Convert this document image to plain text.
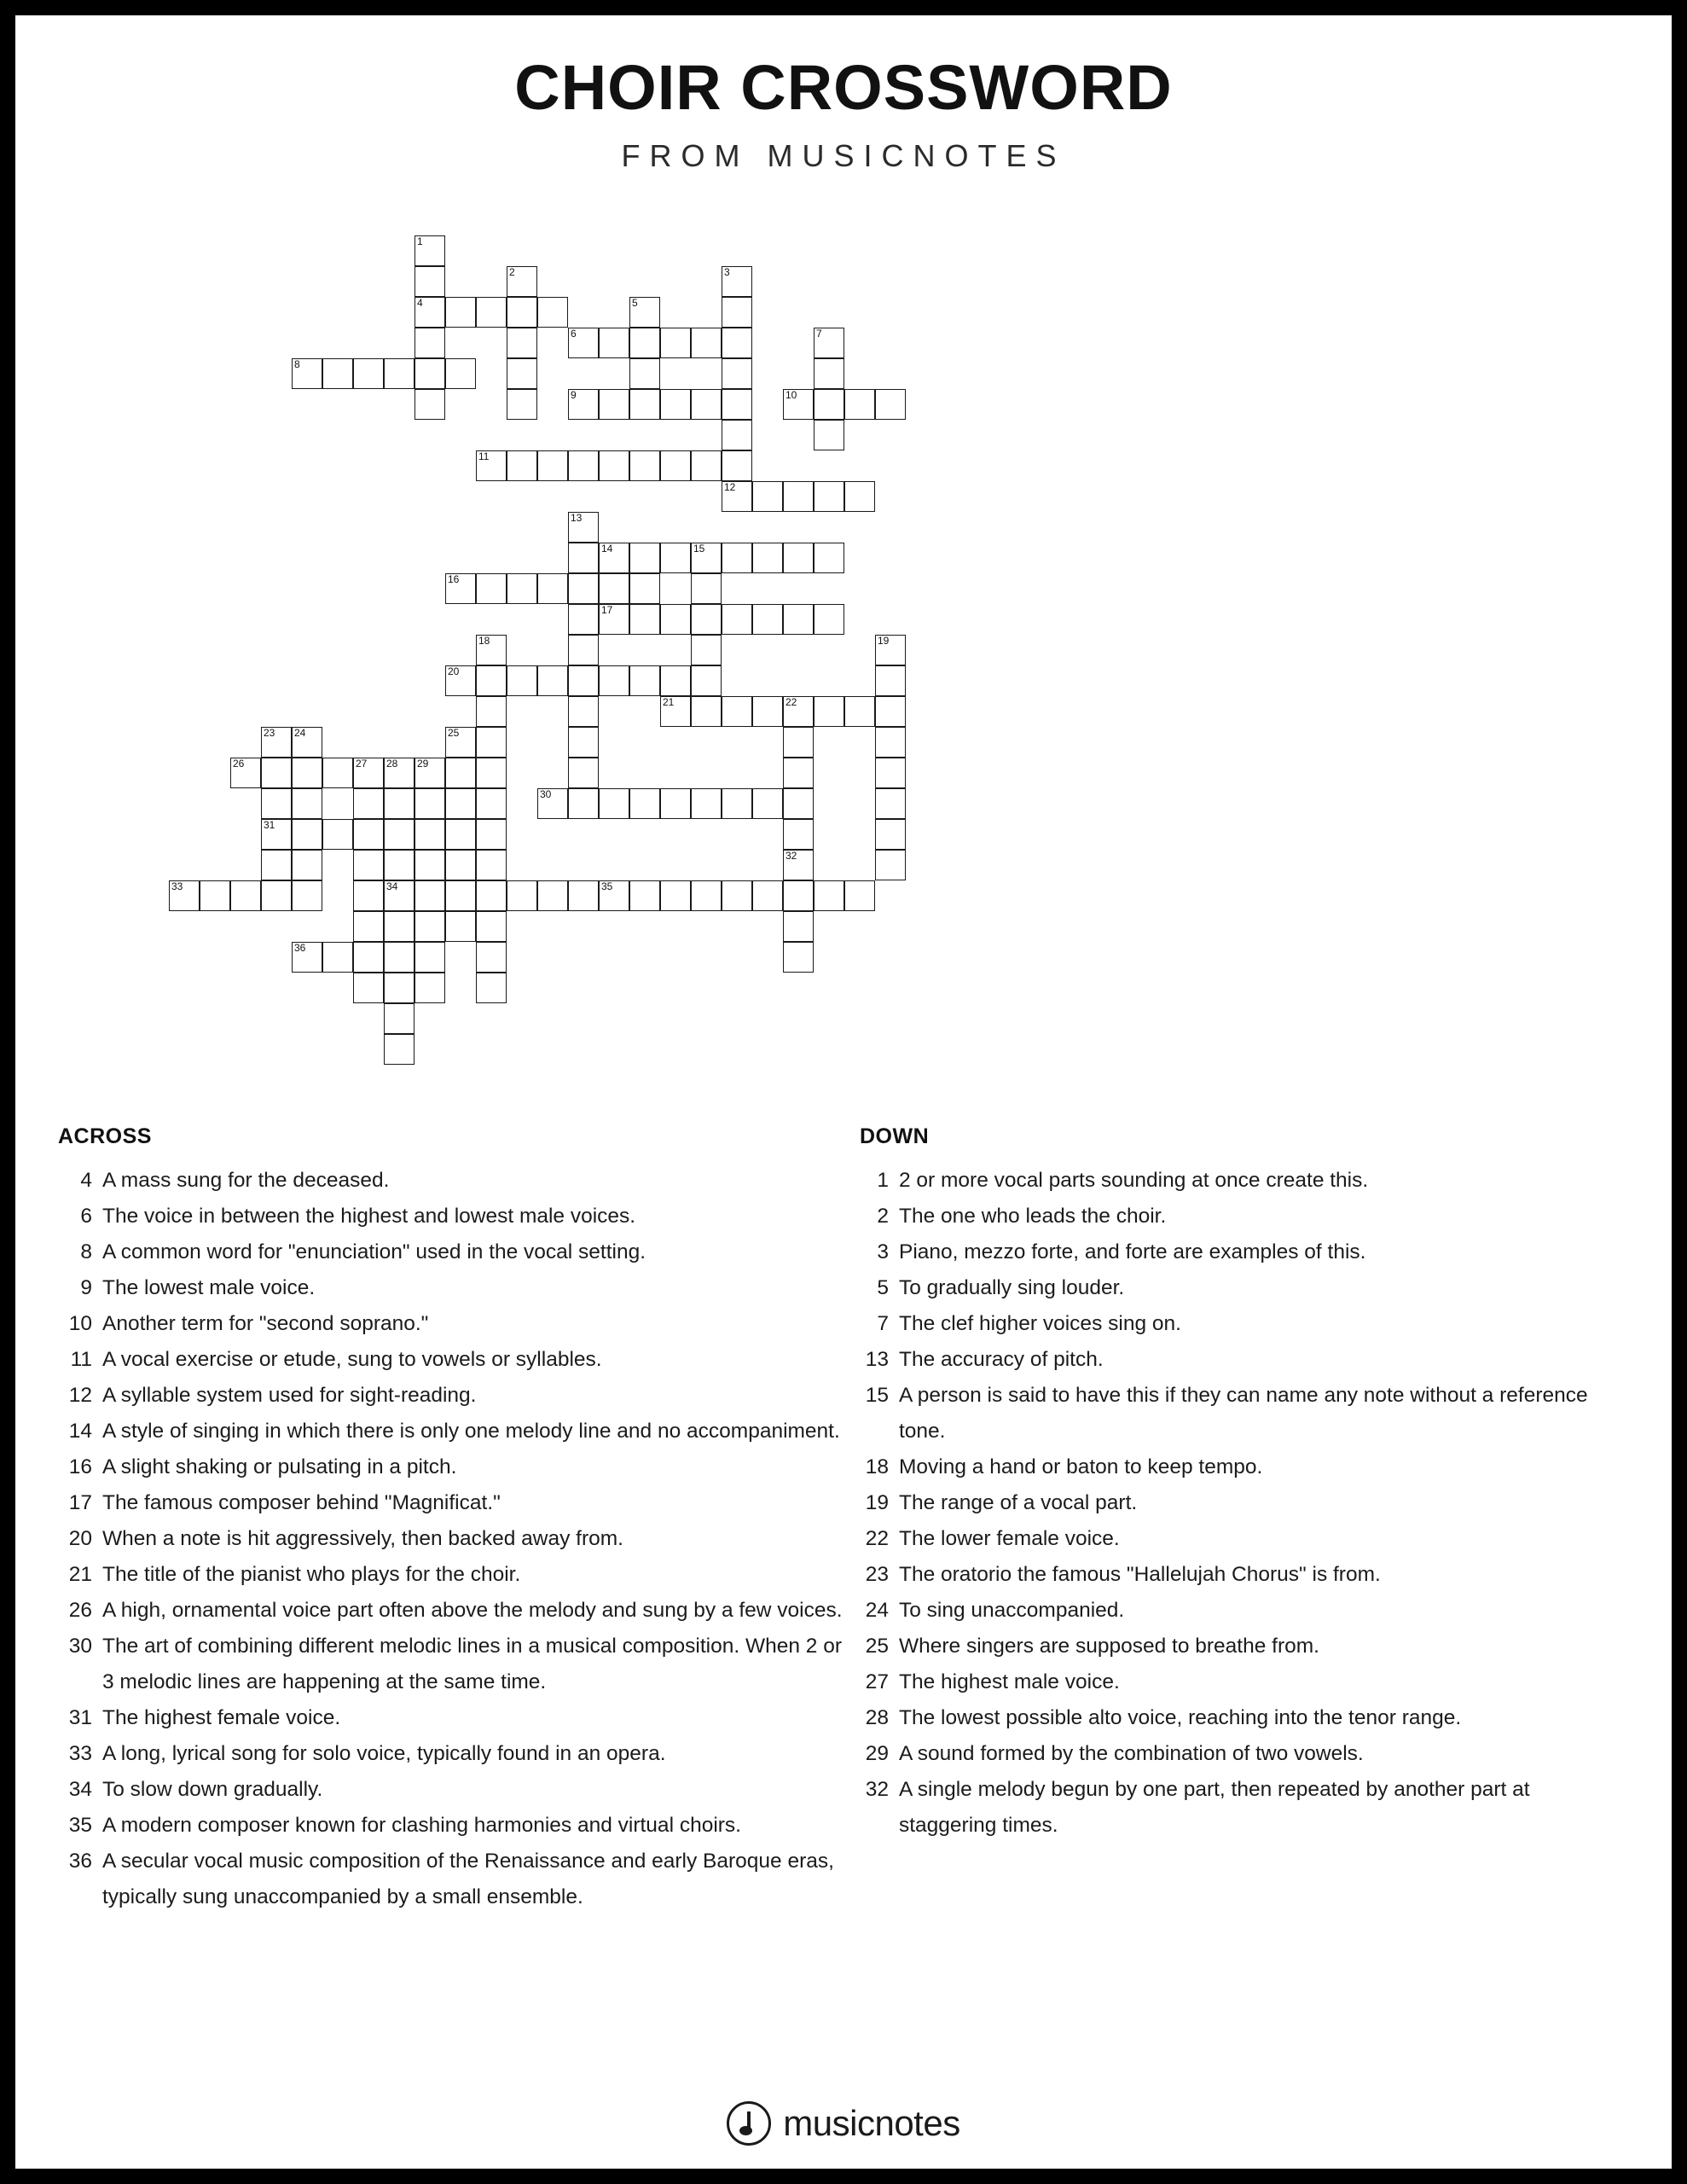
CHOIR CROSSWORD
FROM MUSICNOTES
1
4
2	3
5
6	7
8
9	10
11
12
13
14	15
16
17
18	19
20
21	22
23
31
24	25
26	27 28
34
29
30
32
33	35
36
ACROSS
4 A mass sung for the deceased.
6 The voice in between the highest and lowest male voices.
8 A common word for "enunciation" used in the vocal setting.
9 The lowest male voice.
10 Another term for "second soprano."
11 A vocal exercise or etude, sung to vowels or syllables.
12 A syllable system used for sight-reading.
14 A style of singing in which there is only one melody line and no accompaniment.
16 A slight shaking or pulsating in a pitch.
17 The famous composer behind "Magnificat."
20 When a note is hit aggressively, then backed away from.
21 The title of the pianist who plays for the choir.
26 A high, ornamental voice part often above the melody and sung by a few voices.
30 The art of combining different melodic lines in a musical composition. When 2 or 3 melodic lines are happening at the same time.
31 The highest female voice.
33 A long, lyrical song for solo voice, typically found in an opera.
34 To slow down gradually.
35 A modern composer known for clashing harmonies and virtual choirs.
36 A secular vocal music composition of the Renaissance and early Baroque eras, typically sung unaccompanied by a small ensemble.
DOWN
1 2 or more vocal parts sounding at once create this.
2 The one who leads the choir.
3 Piano, mezzo forte, and forte are examples of this.
5 To gradually sing louder.
7 The clef higher voices sing on.
13 The accuracy of pitch.
15 A person is said to have this if they can name any note without a reference tone.
18 Moving a hand or baton to keep tempo.
19 The range of a vocal part.
22 The lower female voice.
23 The oratorio the famous "Hallelujah Chorus" is from.
24 To sing unaccompanied.
25 Where singers are supposed to breathe from.
27 The highest male voice.
28 The lowest possible alto voice, reaching into the tenor range.
29 A sound formed by the combination of two vowels.
32 A single melody begun by one part, then repeated by another part at staggering times.
musicnotes
